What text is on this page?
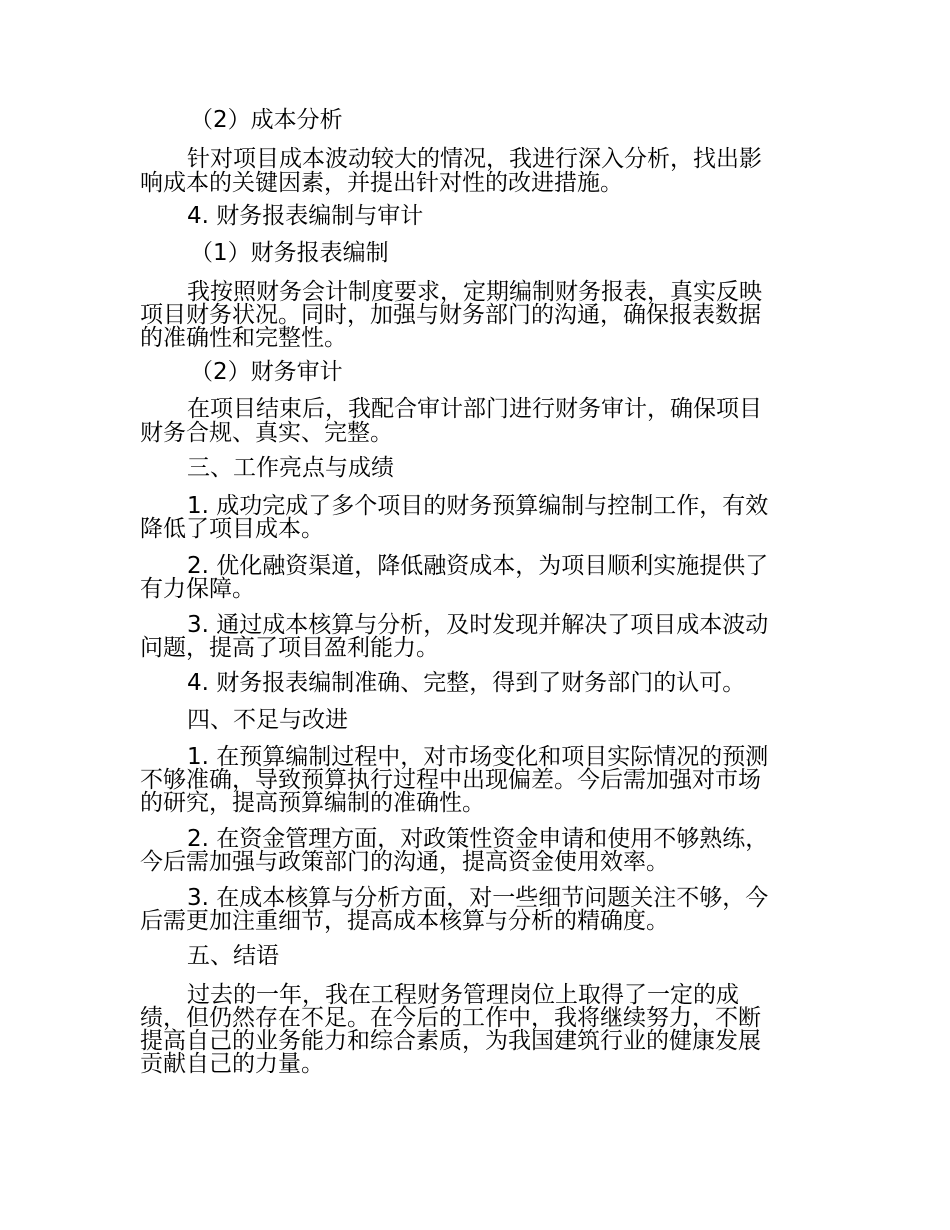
（2）成本分析
针对项目成本波动较大的情况，我进行深入分析，找出影
响成本的关键因素，并提出针对性的改进措施。
4. 财务报表编制与审计
（1）财务报表编制
我按照财务会计制度要求，定期编制财务报表，真实反映
项目财务状况。同时，加强与财务部门的沟通，确保报表数据
的准确性和完整性。
（2）财务审计
在项目结束后，我配合审计部门进行财务审计，确保项目
财务合规、真实、完整。
三、工作亮点与成绩
1. 成功完成了多个项目的财务预算编制与控制工作，有效
降低了项目成本。
2. 优化融资渠道，降低融资成本，为项目顺利实施提供了
有力保障。
3. 通过成本核算与分析，及时发现并解决了项目成本波动
问题，提高了项目盈利能力。
4. 财务报表编制准确、完整，得到了财务部门的认可。
四、不足与改进
1. 在预算编制过程中，对市场变化和项目实际情况的预测
不够准确，导致预算执行过程中出现偏差。今后需加强对市场
的研究，提高预算编制的准确性。
2. 在资金管理方面，对政策性资金申请和使用不够熟练，
今后需加强与政策部门的沟通，提高资金使用效率。
3. 在成本核算与分析方面，对一些细节问题关注不够，今
后需更加注重细节，提高成本核算与分析的精确度。
五、结语
过去的一年，我在工程财务管理岗位上取得了一定的成
绩，但仍然存在不足。在今后的工作中，我将继续努力，不断
提高自己的业务能力和综合素质，为我国建筑行业的健康发展
贡献自己的力量。
